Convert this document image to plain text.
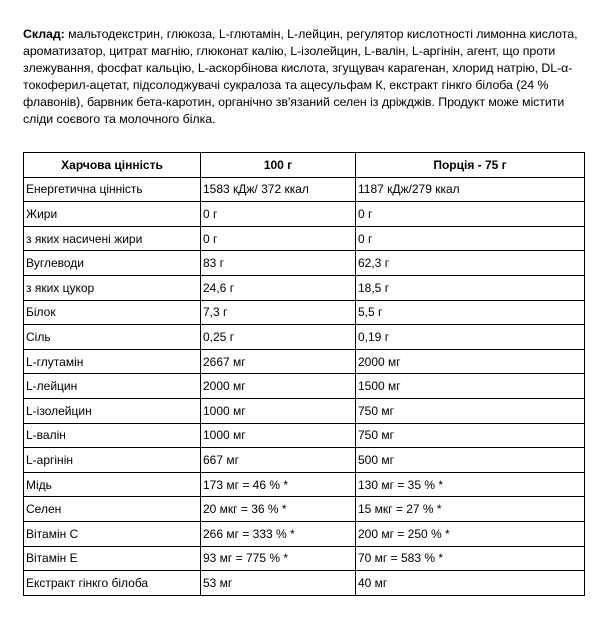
Склад: мальтодекстрин, глюкоза, L-глютамін, L-лейцин, регулятор кислотності лимонна кислота, ароматизатор, цитрат магнію, глюконат калію, L-ізолейцин, L-валін, L-аргінін, агент, що проти злежування, фосфат кальцію, L-аскорбінова кислота, згущувач карагенан, хлорид натрію, DL-α-токоферил-ацетат, підсолоджувачі сукралоза та ацесульфам К, екстракт гінкго білоба (24 % флавонів), барвник бета-каротин, органічно зв'язаний селен із дріжджів. Продукт може містити сліди соєвого та молочного білка.
Харчова цінність	100 г	Порція - 75 г
Енергетична цінність	1583 кДж/ 372 ккал	1187 кДж/279 ккал
Жири	0 г	0 г
з яких насичені жири	0 г	0 г
Вуглеводи	83 г	62,3 г
з яких цукор	24,6 г	18,5 г
Білок	7,3 г	5,5 г
Сіль	0,25 г	0,19 г
L-глутамін	2667 мг	2000 мг
L-лейцин	2000 мг	1500 мг
L-ізолейцин	1000 мг	750 мг
L-валін	1000 мг	750 мг
L-аргінін	667 мг	500 мг
Мідь	173 мг = 46 % *	130 мг = 35 % *
Селен	20 мкг = 36 % *	15 мкг = 27 % *
Вітамін С	266 мг = 333 % *	200 мг = 250 % *
Вітамін Е	93 мг = 775 % *	70 мг = 583 % *
Екстракт гінкго білоба	53 мг	40 мг
